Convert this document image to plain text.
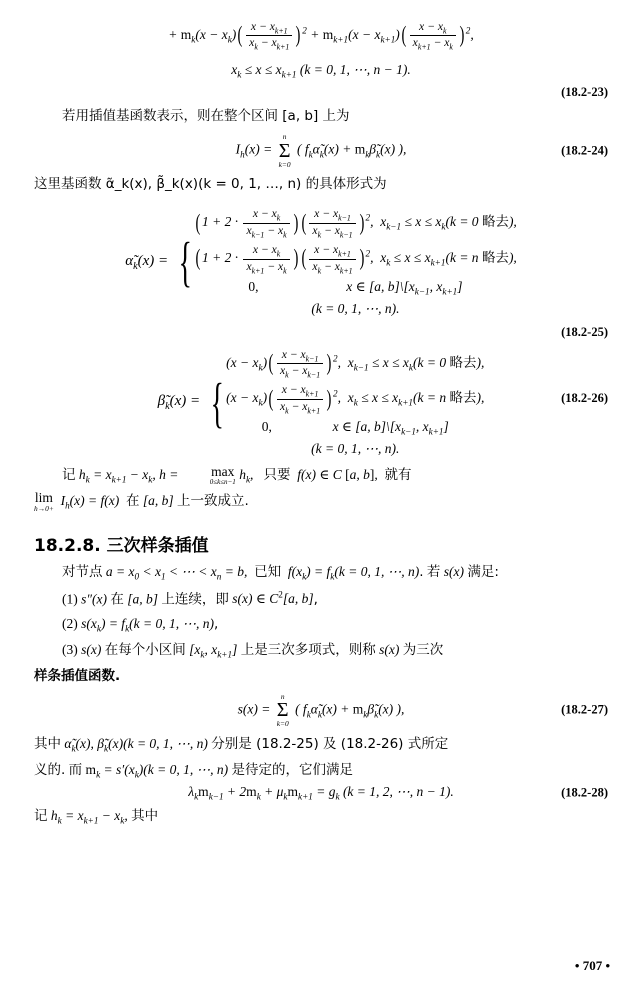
+ $m_k(x - x_k)( \frac{x - x_{k+1}}{x_k - x_{k+1}} )^2 + m_{k+1}(x - x_{k+1})( \frac{x - x_k}{x_{k+1} - x_k} )^2$,
$x_k \le x \le x_{k+1}$ (k = 0, 1, ⋯, n − 1).
(18.2-23)

若用插值基函数表示，则在整个区间 [a, b] 上为

$I_h(x)$ =
n
Σ
k=0
( $f_k\alphã_k(x)$ + $m_k\betã_k(x)$ ),	(18.2-24)

这里基函数 α̃_k(x), β̃_k(x)(k = 0, 1, …, n) 的具体形式为

$\alphã_k(x)$ = {
($1 + 2 \cdot \frac{x - x_k}{x_{k-1} - x_k}$ ) ( $\frac{x - x_{k-1}}{x_k - x_{k-1}} )^2$,  $x_{k-1} \le x \le x_k(k = 0$ 略去),
($1 + 2 \cdot \frac{x - x_k}{x_{k+1} - x_k}$ ) ( $\frac{x - x_{k+1}}{x_k - x_{k+1}} )^2$,  $x_k \le x \le x_{k+1}(k = n$ 略去),
0,                          x ∈ [a, $b]\backslash[x_{k-1}$, $x_{k+1}$]
(k = 0, 1, ⋯, n).
(18.2-25)
$\betã_k(x)$ = {
$(x - x_k)( \frac{x - x_{k-1}}{x_k - x_{k-1}} )^2$,  $x_{k-1} \le x \le x_k(k = 0$ 略去),
$(x - x_k)( \frac{x - x_{k+1}}{x_k - x_{k+1}} )^2$,  $x_k \le x \le x_{k+1}(k = n$ 略去),
0,                  x ∈ [a, $b]\backslash[x_{k-1}$, $x_{k+1}$]
(k = 0, 1, ⋯, n).
(18.2-26)

记 $h_k = x_{k+1} - x_k$, h = max
0≤k≤n−1
$h_k$, 只要 f(x) ∈ C [a, b], 就有

lim
h→0+
$I_h(x) = f(x)$ 在 [a, b] 上一致成立.

18.2.8. 三次样条插值

对节点 $a = x_0 < x_1$ < ⋯ < $x_n = b$, 已知 $f(x_k) = f_k(k = 0$, 1, ⋯, n). 若 s(x) 满足:

(1) s″(x) 在 [a, b] 上连续，即 s(x) ∈ $C^2[a$, b],

(2) $s(x_k) = f_k(k = 0$, 1, ⋯, n),

(3) s(x) 在每个小区间 [$x_k$, $x_{k+1}$] 上是三次多项式，则称 s(x) 为三次

样条插值函数.

s(x) =
n
Σ
k=0
( $f_k\alphã_k(x)$ + $m_k\betã_k(x)$ ),	(18.2-27)

其中 $\alphã_k(x)$, $\betã_k(x)(k = 0$, 1, ⋯, n) 分别是 (18.2-25) 及 (18.2-26) 式所定

义的. 而 $m_k = s'(x_k)(k = 0$, 1, ⋯, n) 是待定的，它们满足

$\lambda_km_{k-1} + 2m_k + \mu_km_{k+1} = g_k$ (k = 1, 2, ⋯, n − 1).	(18.2-28)

记 $h_k = x_{k+1} - x_k$, 其中

• 707 •
